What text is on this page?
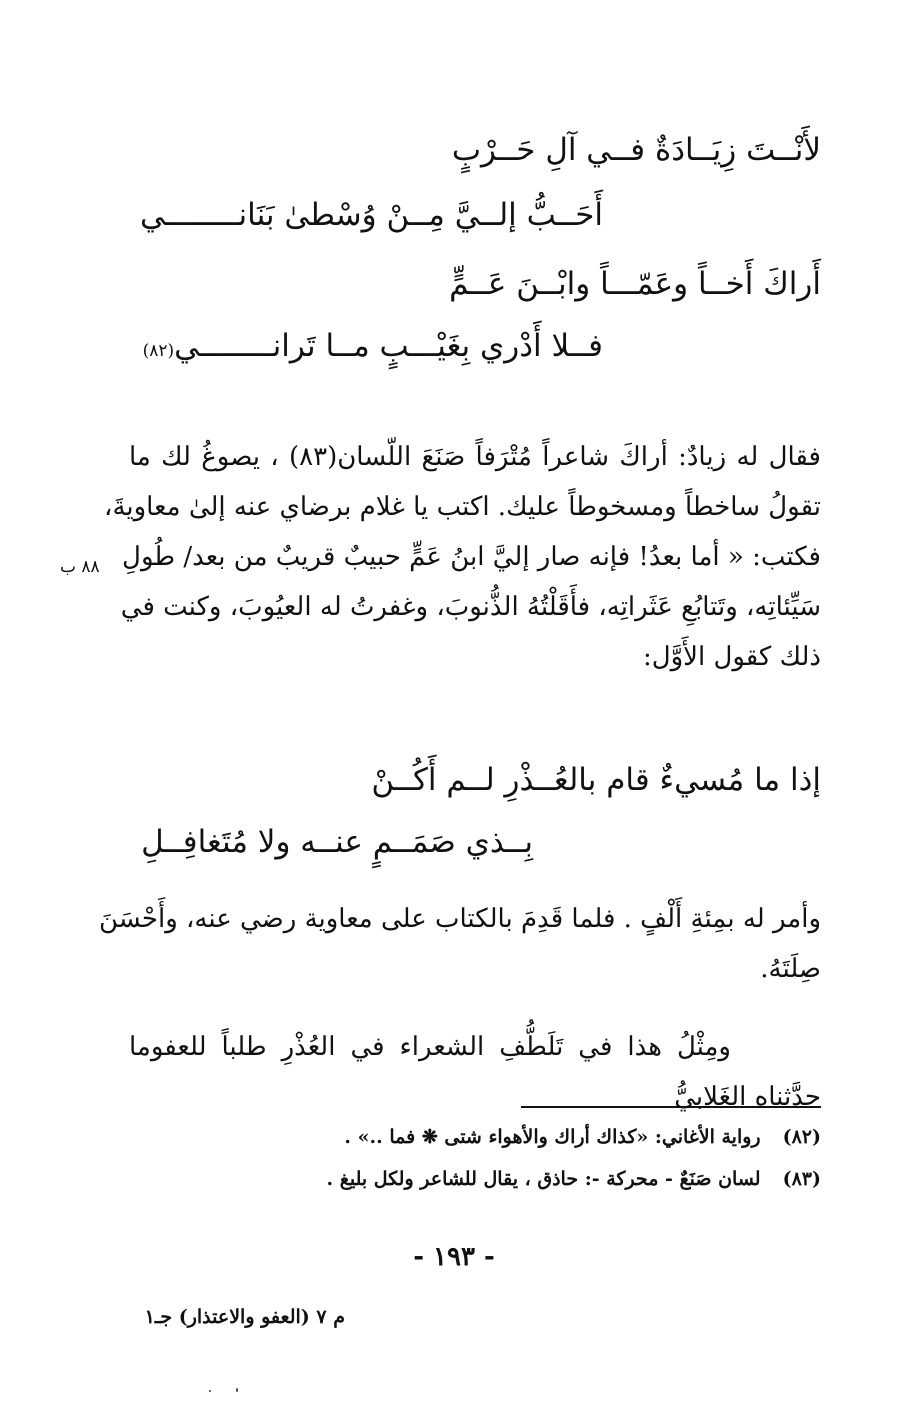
لأَنْــتَ زِيَــادَةٌ فــي آلِ حَــرْبٍ
أَحَــبُّ إلــيَّ مِــنْ وُسْطىٰ بَنَانــــــــي
أَراكَ أَخــاً وعَمّـــاً وابْــنَ عَــمٍّ
فــلا أَدْري بِغَيْـــبٍ مــا تَرانــــــــي(٨٢)
فقال له زيادٌ: أراكَ شاعراً مُتْرَفاً صَنَعَ اللّسان(٨٣) ، يصوغُ لك ما
تقولُ ساخطاً ومسخوطاً عليك. اكتب يا غلام برضاي عنه إلىٰ معاويةَ،
فكتب: « أما بعدُ! فإنه صار إليَّ ابنُ عَمٍّ حبيبٌ قريبٌ من بعد/ طُولِ
سَيِّئاتِه، وتَتابُعِ عَثَراتِه، فأَقَلْتُهُ الذُّنوبَ، وغفرتُ له العيُوبَ، وكنت في
ذلك كقول الأَوَّل:
٨٨ ب
إذا ما مُسيءٌ قام بالعُــذْرِ لــم أَكُــنْ
بِــذي صَمَــمٍ عنــه ولا مُتَغافِــلِ
وأمر له بمِئةِ أَلْفٍ . فلما قَدِمَ بالكتاب على معاوية رضي عنه، وأَحْسَنَ
صِلَتَهُ.
ومِثْلُ هذا في تَلَطُّفِ الشعراء في العُذْرِ طلباً للعفوما حدَّثناه الغَلابيُّ
(٨٢)رواية الأغاني: «كذاك أراك والأهواء شتى ❋ فما ..» .
(٨٣)لسان صَنَعٌ - محركة -: حاذق ، يقال للشاعر ولكل بليغ .
- ١٩٣ -
م ٧ (العفو والاعتذار) جـ١
